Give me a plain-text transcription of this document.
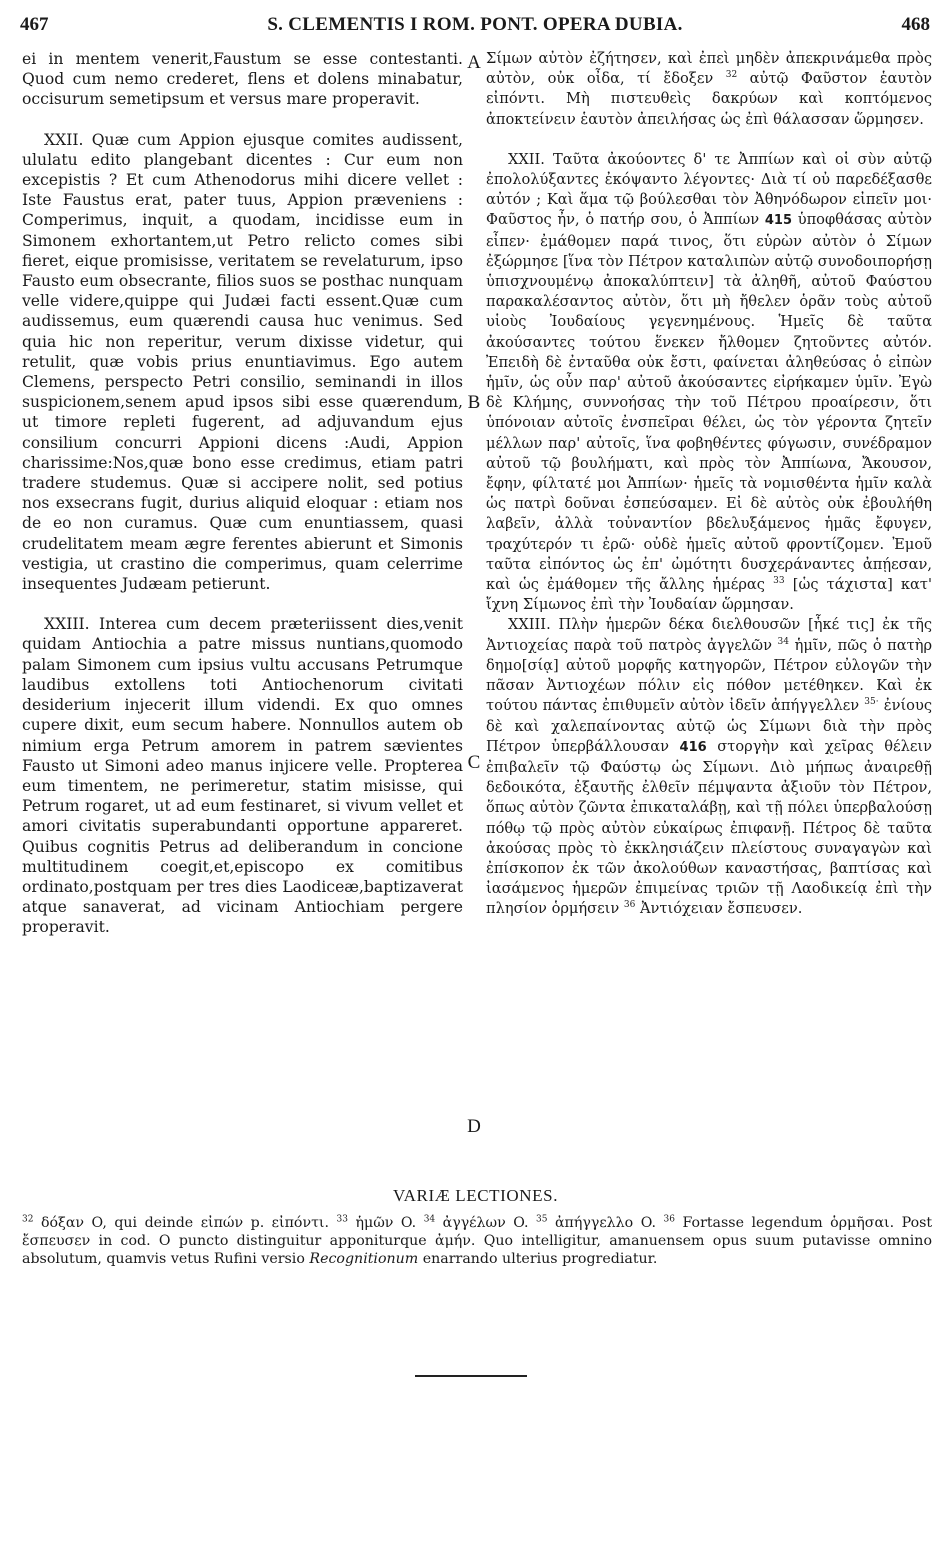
467	S. CLEMENTIS I ROM. PONT. OPERA DUBIA.	468

ei in mentem venerit,Faustum se esse contestanti. Quod cum nemo crederet, flens et dolens minabatur, occisurum semetipsum et versus mare properavit.

XXII. Quæ cum Appion ejusque comites audissent, ululatu edito plangebant dicentes : Cur eum non excepistis ? Et cum Athenodorus mihi dicere vellet : Iste Faustus erat, pater tuus, Appion præveniens : Comperimus, inquit, a quodam, incidisse eum in Simonem exhortantem,ut Petro relicto comes sibi fieret, eique promisisse, veritatem se revelaturum, ipso Fausto eum obsecrante, filios suos se posthac nunquam velle videre,quippe qui Judæi facti essent.Quæ cum audissemus, eum quærendi causa huc venimus. Sed quia hic non reperitur, verum dixisse videtur, qui retulit, quæ vobis prius enuntiavimus. Ego autem Clemens, perspecto Petri consilio, seminandi in illos suspicionem,senem apud ipsos sibi esse quærendum, ut timore repleti fugerent, ad adjuvandum ejus consilium concurri Appioni dicens :Audi, Appion charissime:Nos,quæ bono esse credimus, etiam patri tradere studemus. Quæ si accipere nolit, sed potius nos exsecrans fugit, durius aliquid eloquar : etiam nos de eo non curamus. Quæ cum enuntiassem, quasi crudelitatem meam ægre ferentes abierunt et Simonis vestigia, ut crastino die comperimus, quam celerrime insequentes Judæam petierunt.

XXIII. Interea cum decem præteriissent dies,venit quidam Antiochia a patre missus nuntians,quomodo palam Simonem cum ipsius vultu accusans Petrumque laudibus extollens toti Antiochenorum civitati desiderium injecerit illum videndi. Ex quo omnes cupere dixit, eum secum habere. Nonnullos autem ob nimium erga Petrum amorem in patrem sævientes Fausto ut Simoni adeo manus injicere velle. Propterea eum timentem, ne perimeretur, statim misisse, qui Petrum rogaret, ut ad eum festinaret, si vivum vellet et amori civitatis superabundanti opportune appareret. Quibus cognitis Petrus ad deliberandum in concione multitudinem coegit,et,episcopo ex comitibus ordinato,postquam per tres dies Laodiceæ,baptizaverat atque sanaverat, ad vicinam Antiochiam pergere properavit.

A
B
C
D

Σίμων αὐτὸν ἐζήτησεν, καὶ ἐπεὶ μηδὲν ἀπεκρινάμεθα πρὸς αὐτὸν, οὐκ οἶδα, τί ἔδοξεν $^{32}$ αὐτῷ Φαῦστον ἑαυτὸν εἰπόντι. Μὴ πιστευθεὶς δακρύων καὶ κοπτόμενος ἀποκτείνειν ἑαυτὸν ἀπειλήσας ὡς ἐπὶ θάλασσαν ὥρμησεν.

XXII. Ταῦτα ἀκούοντες δ' τε Ἀππίων καὶ οἱ σὺν αὐτῷ ἐπολολύξαντες ἐκόψαντο λέγοντες· Διὰ τί οὐ παρεδέξασθε αὐτόν ; Καὶ ἅμα τῷ βούλεσθαι τὸν Ἀθηνόδωρον εἰπεῖν μοι· Φαῦστος ἦν, ὁ πατήρ σου, ὁ Ἀππίων 415 ὑποφθάσας αὐτὸν εἶπεν· ἐμάθομεν παρά τινος, ὅτι εὑρὼν αὐτὸν ὁ Σίμων ἐξώρμησε [ἵνα τὸν Πέτρον καταλιπὼν αὐτῷ συνοδοιπορήσῃ ὑπισχνουμένῳ ἀποκαλύπτειν] τὰ ἀληθῆ, αὐτοῦ Φαύστου παρακαλέσαντος αὐτὸν, ὅτι μὴ ἤθελεν ὁρᾶν τοὺς αὐτοῦ υἱοὺς Ἰουδαίους γεγενημένους. Ἡμεῖς δὲ ταῦτα ἀκούσαντες τούτου ἕνεκεν ἤλθομεν ζητοῦντες αὐτόν. Ἐπειδὴ δὲ ἐνταῦθα οὐκ ἔστι, φαίνεται ἀληθεύσας ὁ εἰπὼν ἡμῖν, ὡς οὖν παρ' αὐτοῦ ἀκούσαντες εἰρήκαμεν ὑμῖν. Ἐγὼ δὲ Κλήμης, συννοήσας τὴν τοῦ Πέτρου προαίρεσιν, ὅτι ὑπόνοιαν αὐτοῖς ἐνσπεῖραι θέλει, ὡς τὸν γέροντα ζητεῖν μέλλων παρ' αὐτοῖς, ἵνα φοβηθέντες φύγωσιν, συνέδραμον αὐτοῦ τῷ βουλήματι, καὶ πρὸς τὸν Ἀππίωνα, Ἄκουσον, ἔφην, φίλτατέ μοι Ἀππίων· ἡμεῖς τὰ νομισθέντα ἡμῖν καλὰ ὡς πατρὶ δοῦναι ἐσπεύσαμεν. Εἰ δὲ αὐτὸς οὐκ ἐβουλήθη λαβεῖν, ἀλλὰ τοὐναντίον βδελυξάμενος ἡμᾶς ἔφυγεν, τραχύτερόν τι ἐρῶ· οὐδὲ ἡμεῖς αὐτοῦ φροντίζομεν. Ἐμοῦ ταῦτα εἰπόντος ὡς ἐπ' ὠμότητι δυσχεράναντες ἀπῄεσαν, καὶ ὡς ἐμάθομεν τῆς ἄλλης ἡμέρας $^{33}$ [ὡς τάχιστα] κατ' ἴχνη Σίμωνος ἐπὶ τὴν Ἰουδαίαν ὥρμησαν.

XXIII. Πλὴν ἡμερῶν δέκα διελθουσῶν [ἧκέ τις] ἐκ τῆς Ἀντιοχείας παρὰ τοῦ πατρὸς ἀγγελῶν $^{34}$ ἡμῖν, πῶς ὁ πατὴρ δημο[σίᾳ] αὐτοῦ μορφῆς κατηγορῶν, Πέτρον εὐλογῶν τὴν πᾶσαν Ἀντιοχέων πόλιν εἰς πόθον μετέθηκεν. Καὶ ἐκ τούτου πάντας ἐπιθυμεῖν αὐτὸν ἰδεῖν ἀπήγγελλεν $^{35\cdot}$ ἐνίους δὲ καὶ χαλεπαίνοντας αὐτῷ ὡς Σίμωνι διὰ τὴν πρὸς Πέτρον ὑπερβάλλουσαν 416 στοργὴν καὶ χεῖρας θέλειν ἐπιβαλεῖν τῷ Φαύστῳ ὡς Σίμωνι. Διὸ μήπως ἀναιρεθῇ δεδοικότα, ἐξαυτῆς ἐλθεῖν πέμψαντα ἀξιοῦν τὸν Πέτρον, ὅπως αὐτὸν ζῶντα ἐπικαταλάβῃ, καὶ τῇ πόλει ὑπερβαλούσῃ πόθῳ τῷ πρὸς αὐτὸν εὐκαίρως ἐπιφανῇ. Πέτρος δὲ ταῦτα ἀκούσας πρὸς τὸ ἐκκλησιάζειν πλείστους συναγαγὼν καὶ ἐπίσκοπον ἐκ τῶν ἀκολούθων καναστήσας, βαπτίσας καὶ ἰασάμενος ἡμερῶν ἐπιμείνας τριῶν τῇ Λαοδικείᾳ ἐπὶ τὴν πλησίον ὁρμήσειν $^{36}$ Ἀντιόχειαν ἔσπευσεν.

VARIÆ LECTIONES.

$^{32}$ δόξαν O, qui deinde εἰπών p. εἰπόντι. $^{33}$ ἡμῶν O. $^{34}$ ἀγγέλων O. $^{35}$ ἀπήγγελλο O. $^{36}$ Fortasse legendum ὁρμῆσαι. Post ἔσπευσεν in cod. O puncto distinguitur apponiturque ἀμήν. Quo intelligitur, amanuensem opus suum putavisse omnino absolutum, quamvis vetus Rufini versio Recognitionum enarrando ulterius progrediatur.
